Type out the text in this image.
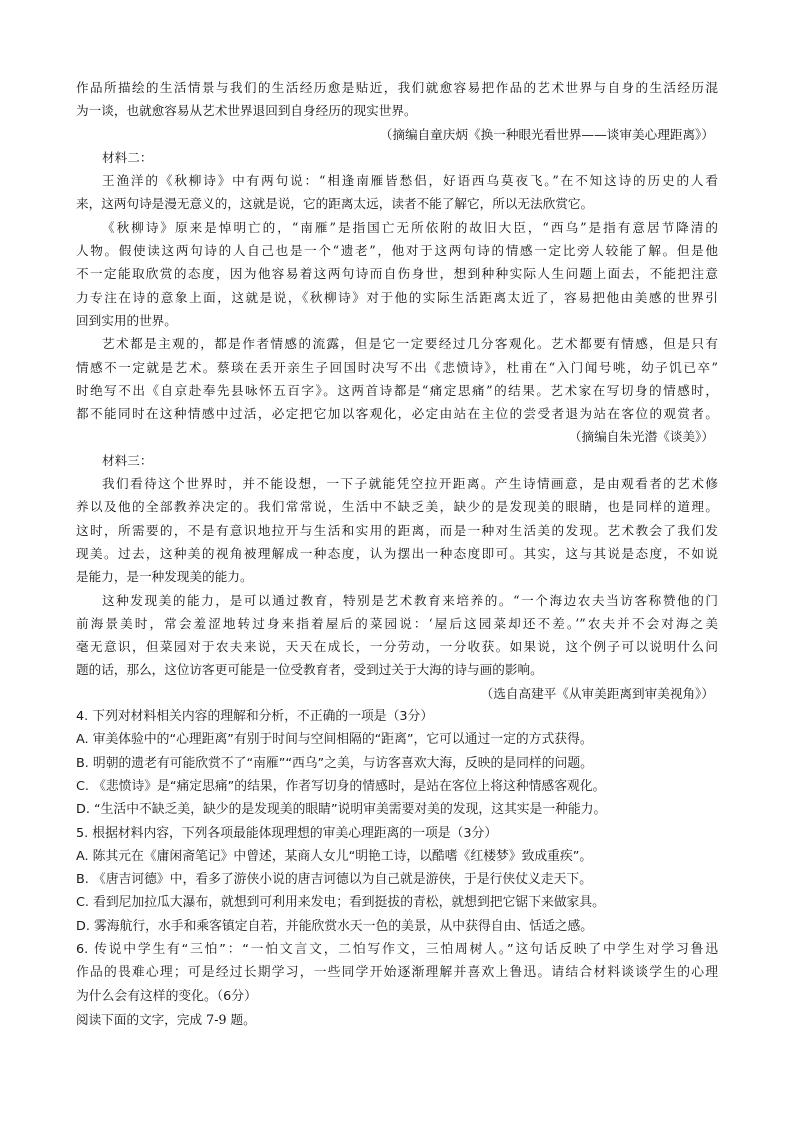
作品所描绘的生活情景与我们的生活经历愈是贴近，我们就愈容易把作品的艺术世界与自身的生活经历混
为一谈，也就愈容易从艺术世界退回到自身经历的现实世界。
（摘编自童庆炳《换一种眼光看世界——谈审美心理距离》）
材料二：
王渔洋的《秋柳诗》中有两句说：“相逢南雁皆愁侣，好语西乌莫夜飞。”在不知这诗的历史的人看
来，这两句诗是漫无意义的，这就是说，它的距离太远，读者不能了解它，所以无法欣赏它。
《秋柳诗》原来是悼明亡的，“南雁”是指国亡无所依附的故旧大臣，“西乌”是指有意居节降清的
人物。假使读这两句诗的人自己也是一个“遗老”，他对于这两句诗的情感一定比旁人较能了解。但是他
不一定能取欣赏的态度，因为他容易着这两句诗而自伤身世，想到种种实际人生问题上面去，不能把注意
力专注在诗的意象上面，这就是说，《秋柳诗》对于他的实际生活距离太近了，容易把他由美感的世界引
回到实用的世界。
艺术都是主观的，都是作者情感的流露，但是它一定要经过几分客观化。艺术都要有情感，但是只有
情感不一定就是艺术。蔡琰在丢开亲生子回国时决写不出《悲愤诗》，杜甫在“入门闻号咷，幼子饥已卒”
时绝写不出《自京赴奉先县咏怀五百字》。这两首诗都是“痛定思痛”的结果。艺术家在写切身的情感时，
都不能同时在这种情感中过活，必定把它加以客观化，必定由站在主位的尝受者退为站在客位的观赏者。
（摘编自朱光潜《谈美》）
材料三：
我们看待这个世界时，并不能设想，一下子就能凭空拉开距离。产生诗情画意，是由观看者的艺术修
养以及他的全部教养决定的。我们常常说，生活中不缺乏美，缺少的是发现美的眼睛，也是同样的道理。
这时，所需要的，不是有意识地拉开与生活和实用的距离，而是一种对生活美的发现。艺术教会了我们发
现美。过去，这种美的视角被理解成一种态度，认为摆出一种态度即可。其实，这与其说是态度，不如说
是能力，是一种发现美的能力。
这种发现美的能力，是可以通过教育，特别是艺术教育来培养的。“一个海边农夫当访客称赞他的门
前海景美时，常会羞涩地转过身来指着屋后的菜园说：‘屋后这园菜却还不差。’”农夫并不会对海之美
毫无意识，但菜园对于农夫来说，天天在成长，一分劳动，一分收获。如果说，这个例子可以说明什么问
题的话，那么，这位访客更可能是一位受教育者，受到过关于大海的诗与画的影响。
（选自高建平《从审美距离到审美视角》）
4. 下列对材料相关内容的理解和分析，不正确的一项是（3分）
A. 审美体验中的“心理距离”有别于时间与空间相隔的“距离”，它可以通过一定的方式获得。
B. 明朝的遗老有可能欣赏不了“南雁”“西乌”之美，与访客喜欢大海，反映的是同样的问题。
C. 《悲愤诗》是“痛定思痛”的结果，作者写切身的情感时，是站在客位上将这种情感客观化。
D. “生活中不缺乏美，缺少的是发现美的眼睛”说明审美需要对美的发现，这其实是一种能力。
5. 根据材料内容，下列各项最能体现理想的审美心理距离的一项是（3分）
A. 陈其元在《庸闲斋笔记》中曾述，某商人女儿“明艳工诗，以酷嗜《红楼梦》致成重疾”。
B. 《唐吉诃德》中，看多了游侠小说的唐吉诃德以为自己就是游侠，于是行侠仗义走天下。
C. 看到尼加拉瓜大瀑布，就想到可利用来发电；看到挺拔的青松，就想到把它锯下来做家具。
D. 雾海航行，水手和乘客镇定自若，并能欣赏水天一色的美景，从中获得自由、恬适之感。
6. 传说中学生有“三怕”：“一怕文言文，二怕写作文，三怕周树人。”这句话反映了中学生对学习鲁迅
作品的畏难心理；可是经过长期学习，一些同学开始逐渐理解并喜欢上鲁迅。请结合材料谈谈学生的心理
为什么会有这样的变化。（6分）
阅读下面的文字，完成 7-9 题。
